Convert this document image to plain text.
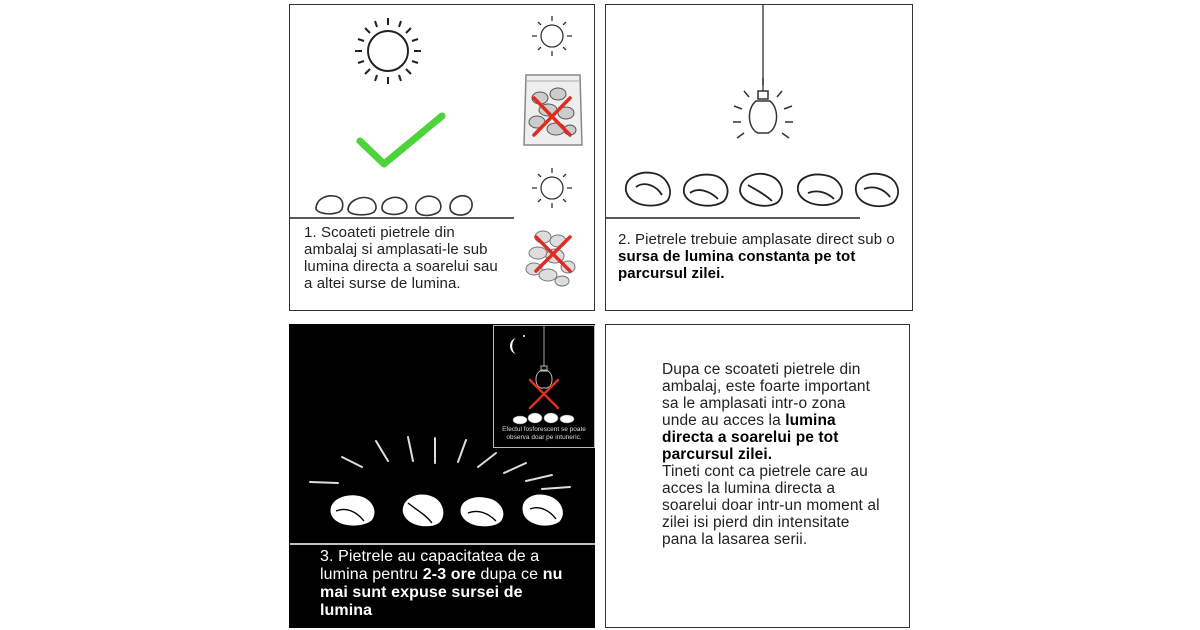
1. Scoateti pietrele din ambalaj si amplasati-le sub lumina directa a soarelui sau a altei surse de lumina.
2. Pietrele trebuie amplasate direct sub o sursa de lumina constanta pe tot parcursul zilei.
Efectul fosforescent se poate observa doar pe intuneric.
3. Pietrele au capacitatea de a lumina pentru 2-3 ore dupa ce nu mai sunt expuse sursei de lumina
Dupa ce scoateti pietrele din ambalaj, este foarte important sa le amplasati intr-o zona unde au acces la lumina directa a soarelui pe tot parcursul zilei.
Tineti cont ca pietrele care au acces la lumina directa a soarelui doar intr-un moment al zilei isi pierd din intensitate pana la lasarea serii.
